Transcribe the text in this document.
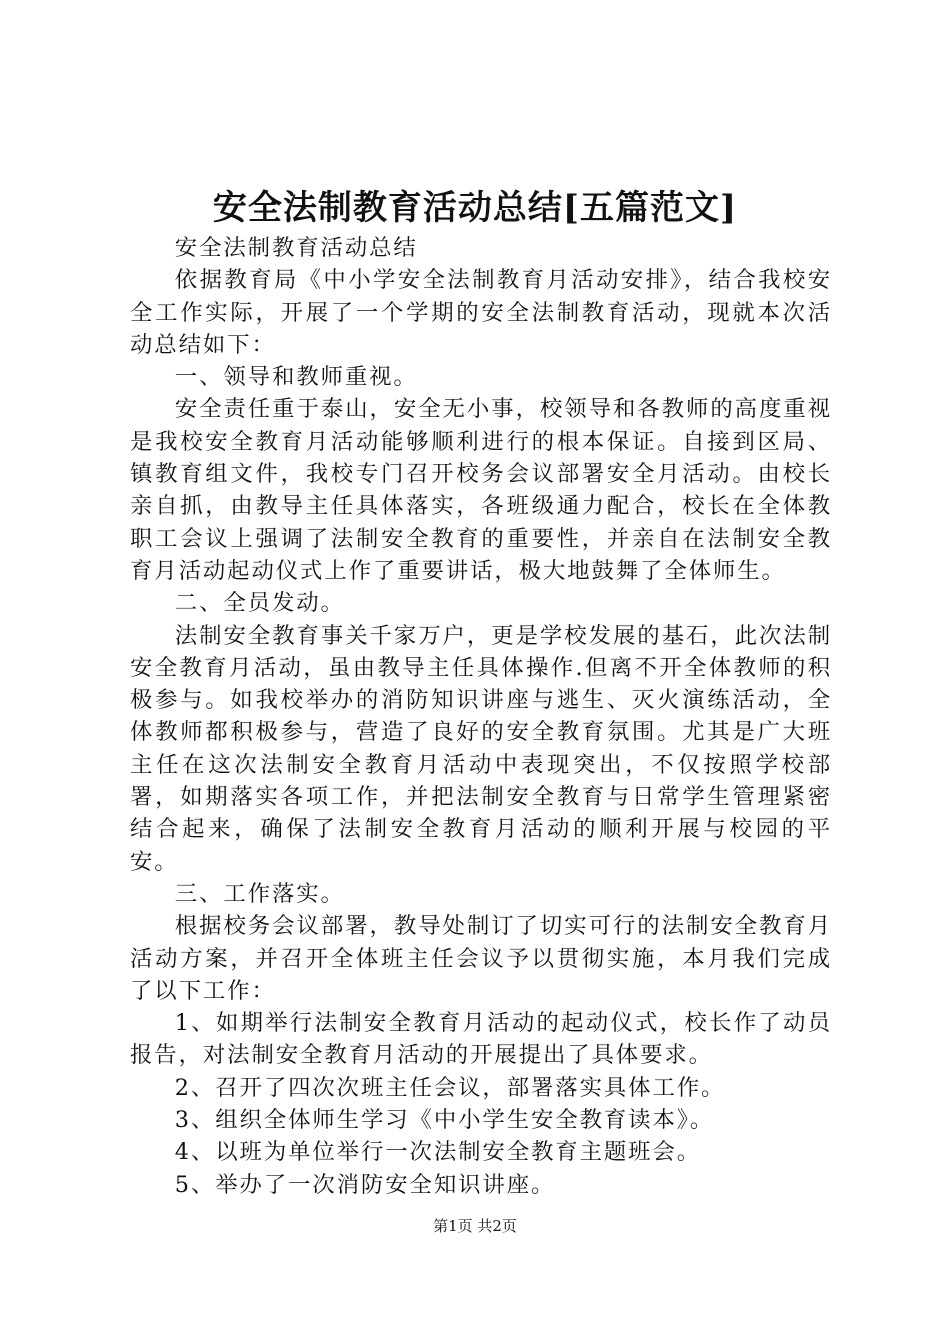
安全法制教育活动总结[五篇范文]

安全法制教育活动总结

依据教育局《中小学安全法制教育月活动安排》，结合我校安全工作实际，开展了一个学期的安全法制教育活动，现就本次活动总结如下：

一、领导和教师重视。

安全责任重于泰山，安全无小事，校领导和各教师的高度重视是我校安全教育月活动能够顺利进行的根本保证。自接到区局、镇教育组文件，我校专门召开校务会议部署安全月活动。由校长亲自抓，由教导主任具体落实，各班级通力配合，校长在全体教职工会议上强调了法制安全教育的重要性，并亲自在法制安全教育月活动起动仪式上作了重要讲话，极大地鼓舞了全体师生。

二、全员发动。

法制安全教育事关千家万户，更是学校发展的基石，此次法制安全教育月活动，虽由教导主任具体操作.但离不开全体教师的积极参与。如我校举办的消防知识讲座与逃生、灭火演练活动，全体教师都积极参与，营造了良好的安全教育氛围。尤其是广大班主任在这次法制安全教育月活动中表现突出，不仅按照学校部署，如期落实各项工作，并把法制安全教育与日常学生管理紧密结合起来，确保了法制安全教育月活动的顺利开展与校园的平安。

三、工作落实。

根据校务会议部署，教导处制订了切实可行的法制安全教育月活动方案，并召开全体班主任会议予以贯彻实施，本月我们完成了以下工作：

1、如期举行法制安全教育月活动的起动仪式，校长作了动员报告，对法制安全教育月活动的开展提出了具体要求。

2、召开了四次次班主任会议，部署落实具体工作。

3、组织全体师生学习《中小学生安全教育读本》。

4、以班为单位举行一次法制安全教育主题班会。

5、举办了一次消防安全知识讲座。

第1页 共2页
